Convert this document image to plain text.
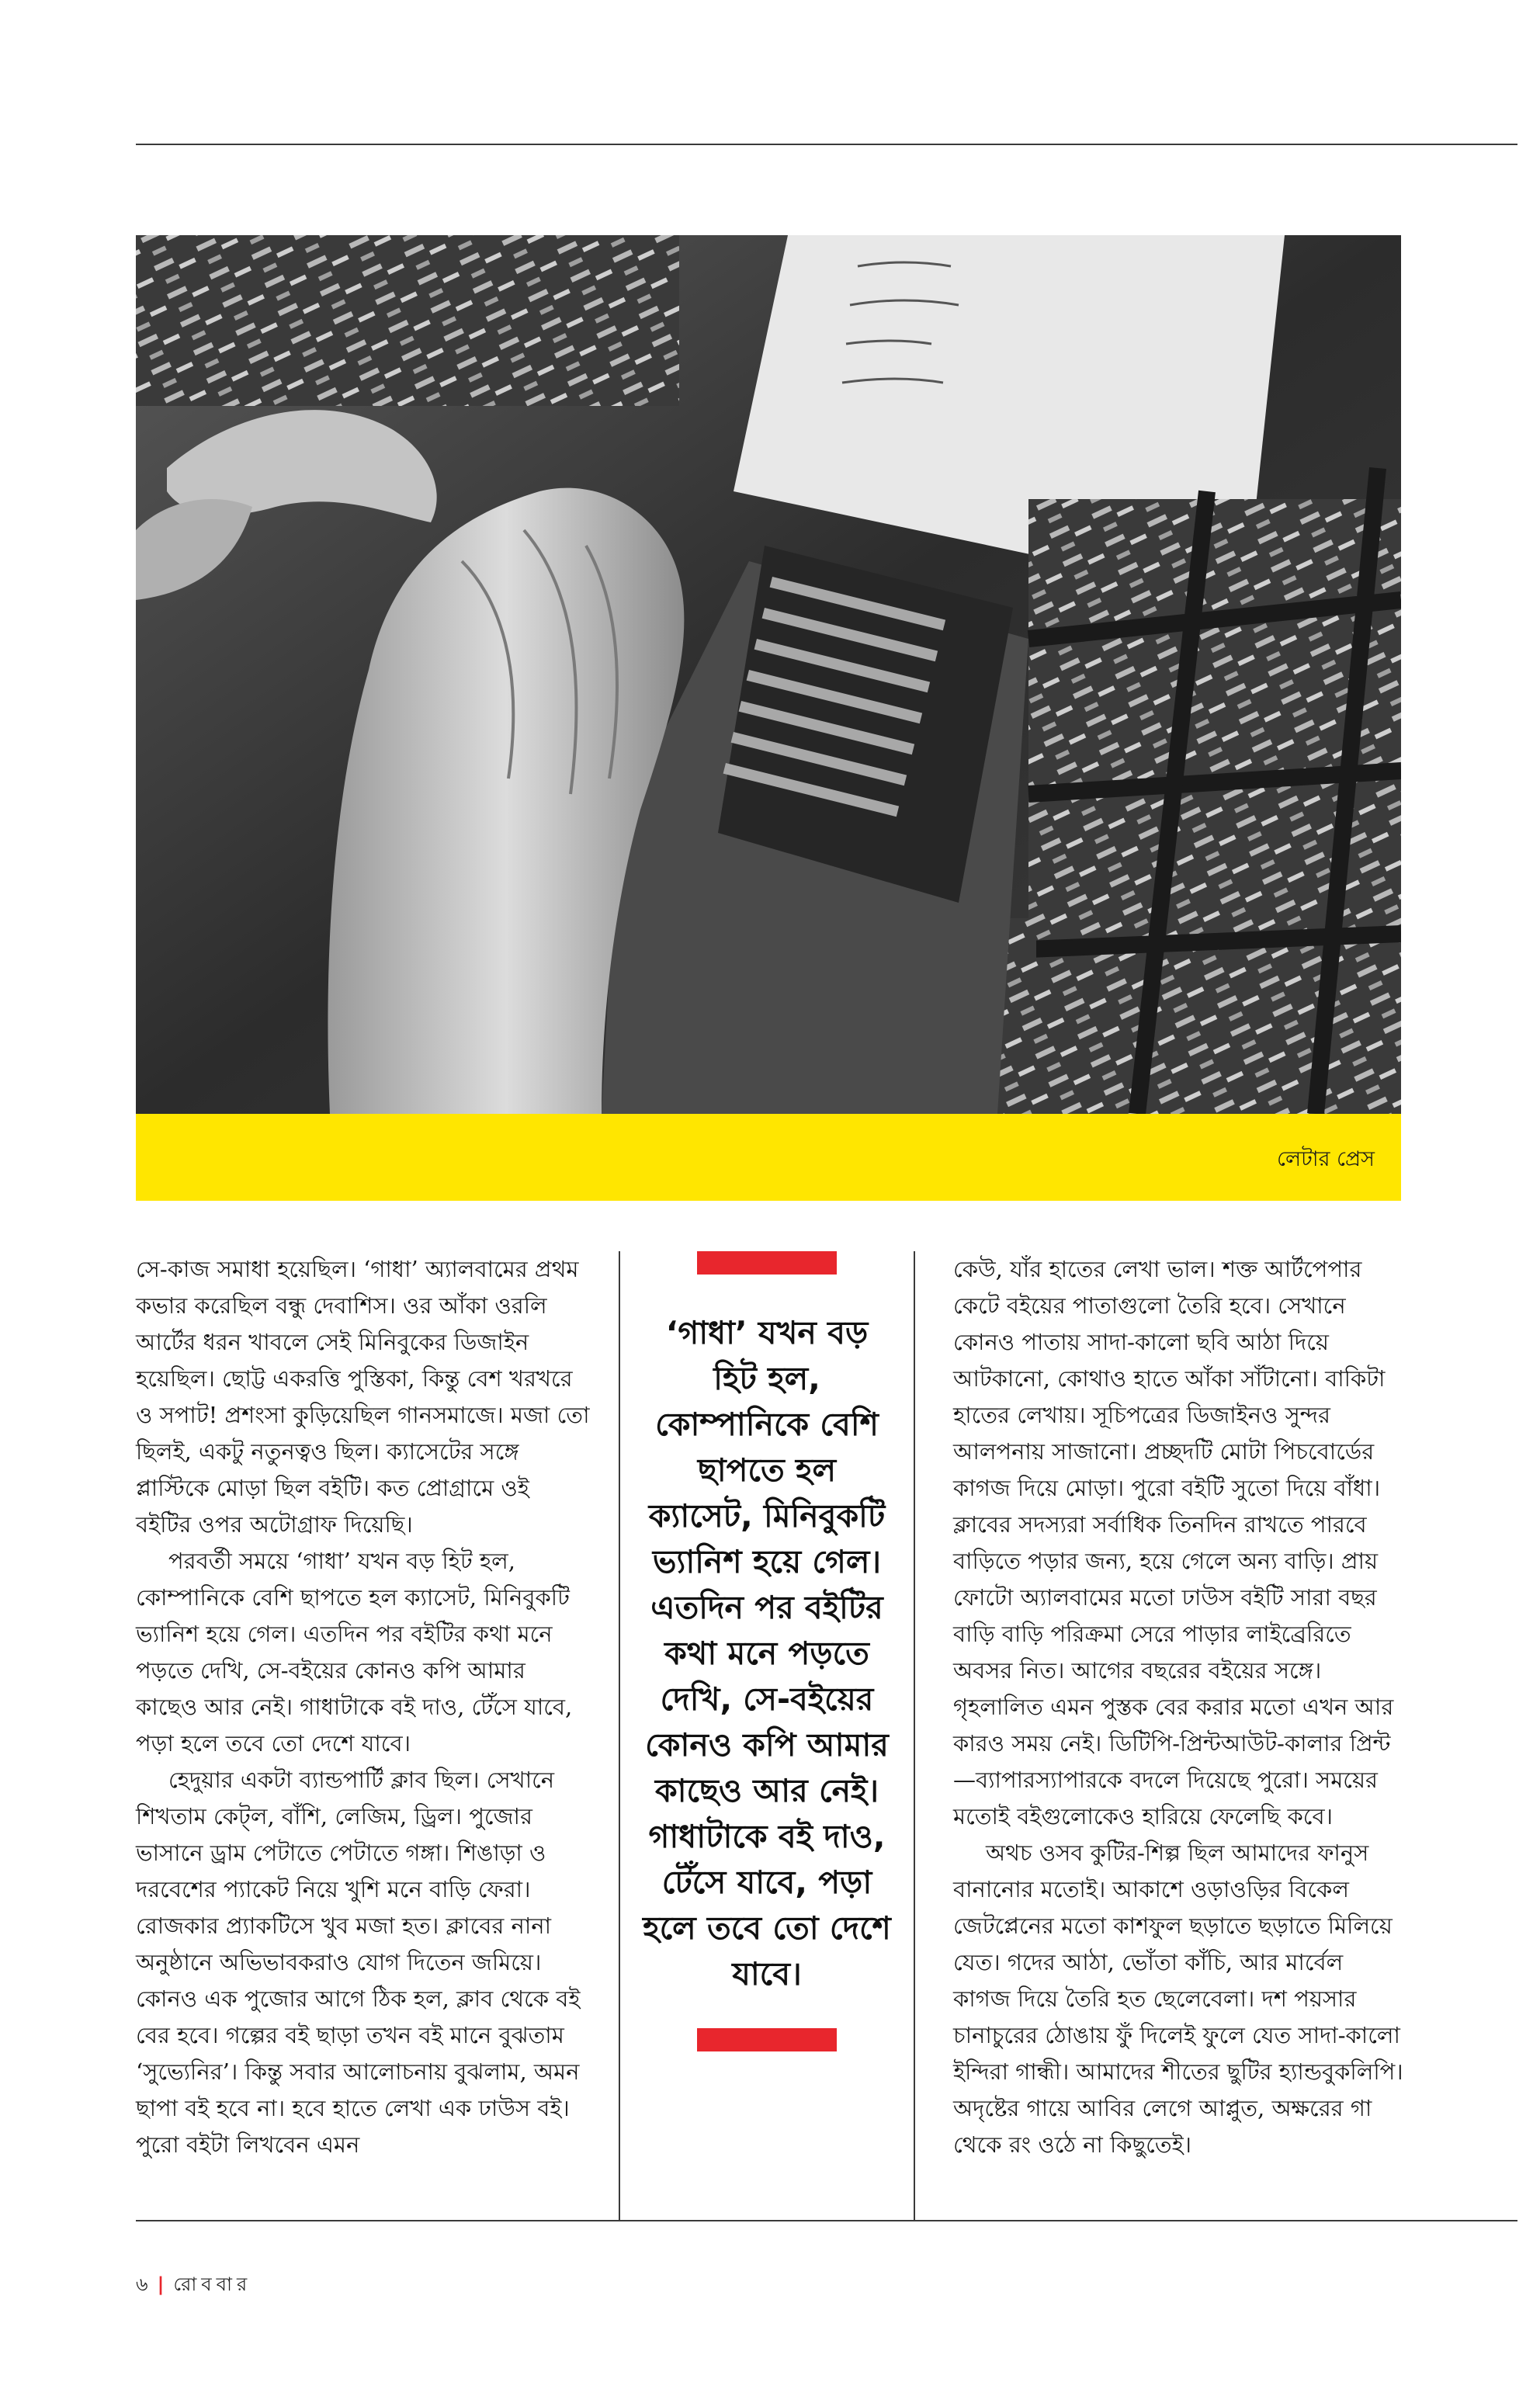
লেটার প্রেস

সে-কাজ সমাধা হয়েছিল। ‘গাধা’ অ্যালবামের প্রথম কভার করেছিল বন্ধু দেবাশিস। ওর আঁকা ওরলি আর্টের ধরন খাবলে সেই মিনিবুকের ডিজাইন হয়েছিল। ছোট্ট একরত্তি পুস্তিকা, কিন্তু বেশ খরখরে ও সপাট! প্রশংসা কুড়িয়েছিল গানসমাজে। মজা তো ছিলই, একটু নতুনত্বও ছিল। ক্যাসেটের সঙ্গে প্লাস্টিকে মোড়া ছিল বইটি। কত প্রোগ্রামে ওই বইটির ওপর অটোগ্রাফ দিয়েছি।

পরবর্তী সময়ে ‘গাধা’ যখন বড় হিট হল, কোম্পানিকে বেশি ছাপতে হল ক্যাসেট, মিনিবুকটি ভ্যানিশ হয়ে গেল। এতদিন পর বইটির কথা মনে পড়তে দেখি, সে-বইয়ের কোনও কপি আমার কাছেও আর নেই। গাধাটাকে বই দাও, টেঁসে যাবে, পড়া হলে তবে তো দেশে যাবে।

হেদুয়ার একটা ব্যান্ডপার্টি ক্লাব ছিল। সেখানে শিখতাম কেট্‌ল, বাঁশি, লেজিম, ড্রিল। পুজোর ভাসানে ড্রাম পেটাতে পেটাতে গঙ্গা। শিঙাড়া ও দরবেশের প্যাকেট নিয়ে খুশি মনে বাড়ি ফেরা। রোজকার প্র্যাকটিসে খুব মজা হত। ক্লাবের নানা অনুষ্ঠানে অভিভাবকরাও যোগ দিতেন জমিয়ে। কোনও এক পুজোর আগে ঠিক হল, ক্লাব থেকে বই বের হবে। গল্পের বই ছাড়া তখন বই মানে বুঝতাম ‘সুভ্যেনির’। কিন্তু সবার আলোচনায় বুঝলাম, অমন ছাপা বই হবে না। হবে হাতে লেখা এক ঢাউস বই। পুরো বইটা লিখবেন এমন

‘গাধা’ যখন বড় হিট হল, কোম্পানিকে বেশি ছাপতে হল ক্যাসেট, মিনিবুকটি ভ্যানিশ হয়ে গেল। এতদিন পর বইটির কথা মনে পড়তে দেখি, সে-বইয়ের কোনও কপি আমার কাছেও আর নেই। গাধাটাকে বই দাও, টেঁসে যাবে, পড়া হলে তবে তো দেশে যাবে।

কেউ, যাঁর হাতের লেখা ভাল। শক্ত আর্টপেপার কেটে বইয়ের পাতাগুলো তৈরি হবে। সেখানে কোনও পাতায় সাদা-কালো ছবি আঠা দিয়ে আটকানো, কোথাও হাতে আঁকা সাঁটানো। বাকিটা হাতের লেখায়। সূচিপত্রের ডিজাইনও সুন্দর আলপনায় সাজানো। প্রচ্ছদটি মোটা পিচবোর্ডের কাগজ দিয়ে মোড়া। পুরো বইটি সুতো দিয়ে বাঁধা। ক্লাবের সদস্যরা সর্বাধিক তিনদিন রাখতে পারবে বাড়িতে পড়ার জন্য, হয়ে গেলে অন্য বাড়ি। প্রায় ফোটো অ্যালবামের মতো ঢাউস বইটি সারা বছর বাড়ি বাড়ি পরিক্রমা সেরে পাড়ার লাইব্রেরিতে অবসর নিত। আগের বছরের বইয়ের সঙ্গে। গৃহলালিত এমন পুস্তক বের করার মতো এখন আর কারও সময় নেই। ডিটিপি-প্রিন্টআউট-কালার প্রিন্ট—ব্যাপারস্যাপারকে বদলে দিয়েছে পুরো। সময়ের মতোই বইগুলোকেও হারিয়ে ফেলেছি কবে।

অথচ ওসব কুটির-শিল্প ছিল আমাদের ফানুস বানানোর মতোই। আকাশে ওড়াওড়ির বিকেল জেটপ্লেনের মতো কাশফুল ছড়াতে ছড়াতে মিলিয়ে যেত। গদের আঠা, ভোঁতা কাঁচি, আর মার্বেল কাগজ দিয়ে তৈরি হত ছেলেবেলা। দশ পয়সার চানাচুরের ঠোঙায় ফুঁ দিলেই ফুলে যেত সাদা-কালো ইন্দিরা গান্ধী। আমাদের শীতের ছুটির হ্যান্ডবুকলিপি। অদৃষ্টের গায়ে আবির লেগে আপ্লুত, অক্ষরের গা থেকে রং ওঠে না কিছুতেই।

৬ | রোববার
